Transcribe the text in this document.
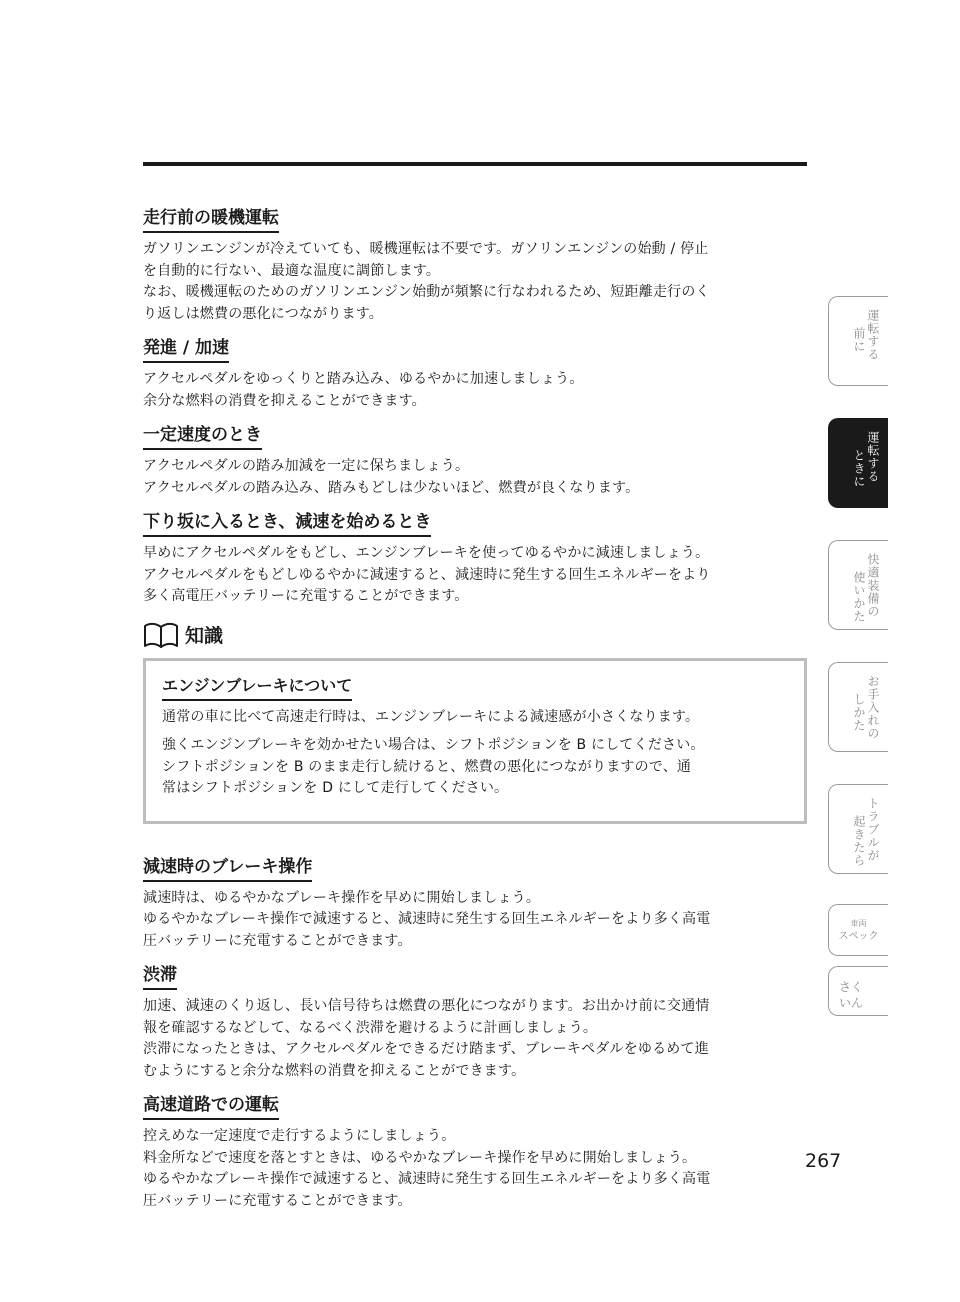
走行前の暖機運転
ガソリンエンジンが冷えていても、暖機運転は不要です。ガソリンエンジンの始動 / 停止
を自動的に行ない、最適な温度に調節します。
なお、暖機運転のためのガソリンエンジン始動が頻繁に行なわれるため、短距離走行のく
り返しは燃費の悪化につながります。
発進 / 加速
アクセルペダルをゆっくりと踏み込み、ゆるやかに加速しましょう。
余分な燃料の消費を抑えることができます。
一定速度のとき
アクセルペダルの踏み加減を一定に保ちましょう。
アクセルペダルの踏み込み、踏みもどしは少ないほど、燃費が良くなります。
下り坂に入るとき、減速を始めるとき
早めにアクセルペダルをもどし、エンジンブレーキを使ってゆるやかに減速しましょう。
アクセルペダルをもどしゆるやかに減速すると、減速時に発生する回生エネルギーをより
多く高電圧バッテリーに充電することができます。
知識
エンジンブレーキについて
通常の車に比べて高速走行時は、エンジンブレーキによる減速感が小さくなります。
強くエンジンブレーキを効かせたい場合は、シフトポジションを B にしてください。
シフトポジションを B のまま走行し続けると、燃費の悪化につながりますので、通
常はシフトポジションを D にして走行してください。
減速時のブレーキ操作
減速時は、ゆるやかなブレーキ操作を早めに開始しましょう。
ゆるやかなブレーキ操作で減速すると、減速時に発生する回生エネルギーをより多く高電
圧バッテリーに充電することができます。
渋滞
加速、減速のくり返し、長い信号待ちは燃費の悪化につながります。お出かけ前に交通情
報を確認するなどして、なるべく渋滞を避けるように計画しましょう。
渋滞になったときは、アクセルペダルをできるだけ踏まず、ブレーキペダルをゆるめて進
むようにすると余分な燃料の消費を抑えることができます。
高速道路での運転
控えめな一定速度で走行するようにしましょう。
料金所などで速度を落とすときは、ゆるやかなブレーキ操作を早めに開始しましょう。
ゆるやかなブレーキ操作で減速すると、減速時に発生する回生エネルギーをより多く高電
圧バッテリーに充電することができます。
267
運転する
前に
運転する
ときに
快適装備の
使いかた
お手入れの
しかた
トラブルが
起きたら
車両
スペック
さく
いん
